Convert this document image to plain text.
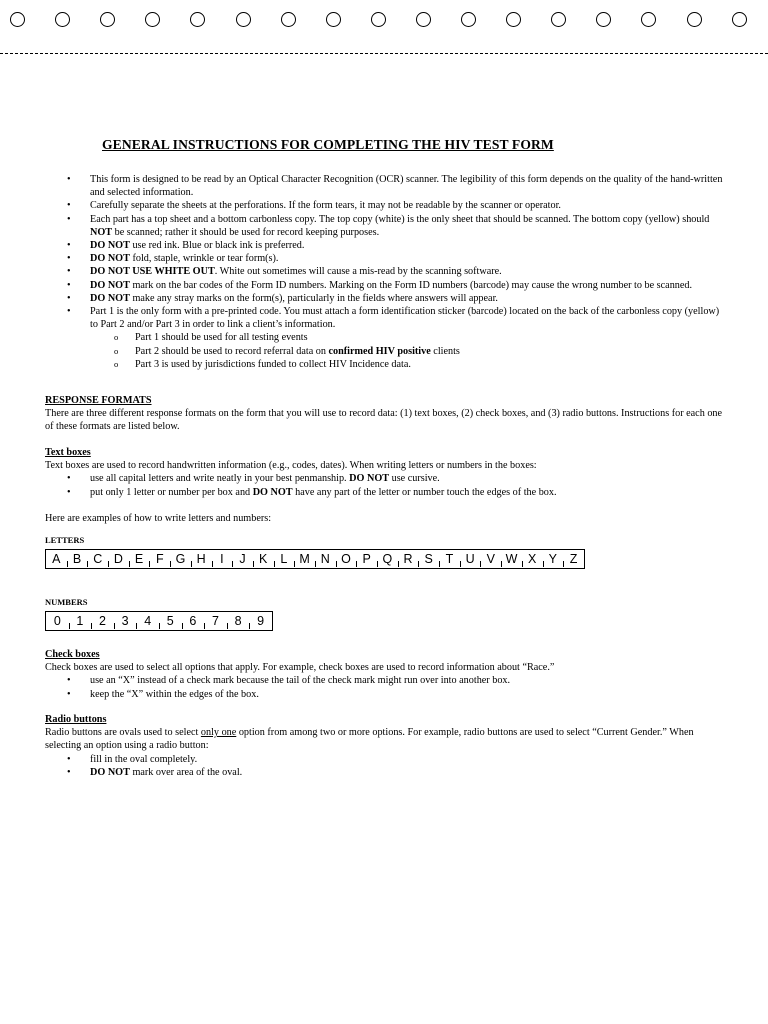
GENERAL INSTRUCTIONS FOR COMPLETING THE HIV TEST FORM
• This form is designed to be read by an Optical Character Recognition (OCR) scanner. The legibility of this form depends on the quality of the hand-written and selected information.
• Carefully separate the sheets at the perforations. If the form tears, it may not be readable by the scanner or operator.
• Each part has a top sheet and a bottom carbonless copy. The top copy (white) is the only sheet that should be scanned. The bottom copy (yellow) should NOT be scanned; rather it should be used for record keeping purposes.
• DO NOT use red ink. Blue or black ink is preferred.
• DO NOT fold, staple, wrinkle or tear form(s).
• DO NOT USE WHITE OUT. White out sometimes will cause a mis-read by the scanning software.
• DO NOT mark on the bar codes of the Form ID numbers. Marking on the Form ID numbers (barcode) may cause the wrong number to be scanned.
• DO NOT make any stray marks on the form(s), particularly in the fields where answers will appear.
• Part 1 is the only form with a pre-printed code. You must attach a form identification sticker (barcode) located on the back of the carbonless copy (yellow) to Part 2 and/or Part 3 in order to link a client’s information.
o Part 1 should be used for all testing events
o Part 2 should be used to record referral data on confirmed HIV positive clients
o Part 3 is used by jurisdictions funded to collect HIV Incidence data.
RESPONSE FORMATS
There are three different response formats on the form that you will use to record data: (1) text boxes, (2) check boxes, and (3) radio buttons. Instructions for each one of these formats are listed below.
Text boxes
Text boxes are used to record handwritten information (e.g., codes, dates). When writing letters or numbers in the boxes:
• use all capital letters and write neatly in your best penmanship. DO NOT use cursive.
• put only 1 letter or number per box and DO NOT have any part of the letter or number touch the edges of the box.
Here are examples of how to write letters and numbers:
LETTERS
A B C D E	F G H	I	J	K	L M N O P Q R S	T U V W X Y	Z
NUMBERS
0	1	2	3	4	5	6	7	8	9
Check boxes
Check boxes are used to select all options that apply. For example, check boxes are used to record information about “Race.”
• use an “X” instead of a check mark because the tail of the check mark might run over into another box.
• keep the “X” within the edges of the box.
Radio buttons
Radio buttons are ovals used to select only one option from among two or more options. For example, radio buttons are used to select “Current Gender.” When selecting an option using a radio button:
• fill in the oval completely.
• DO NOT mark over area of the oval.
